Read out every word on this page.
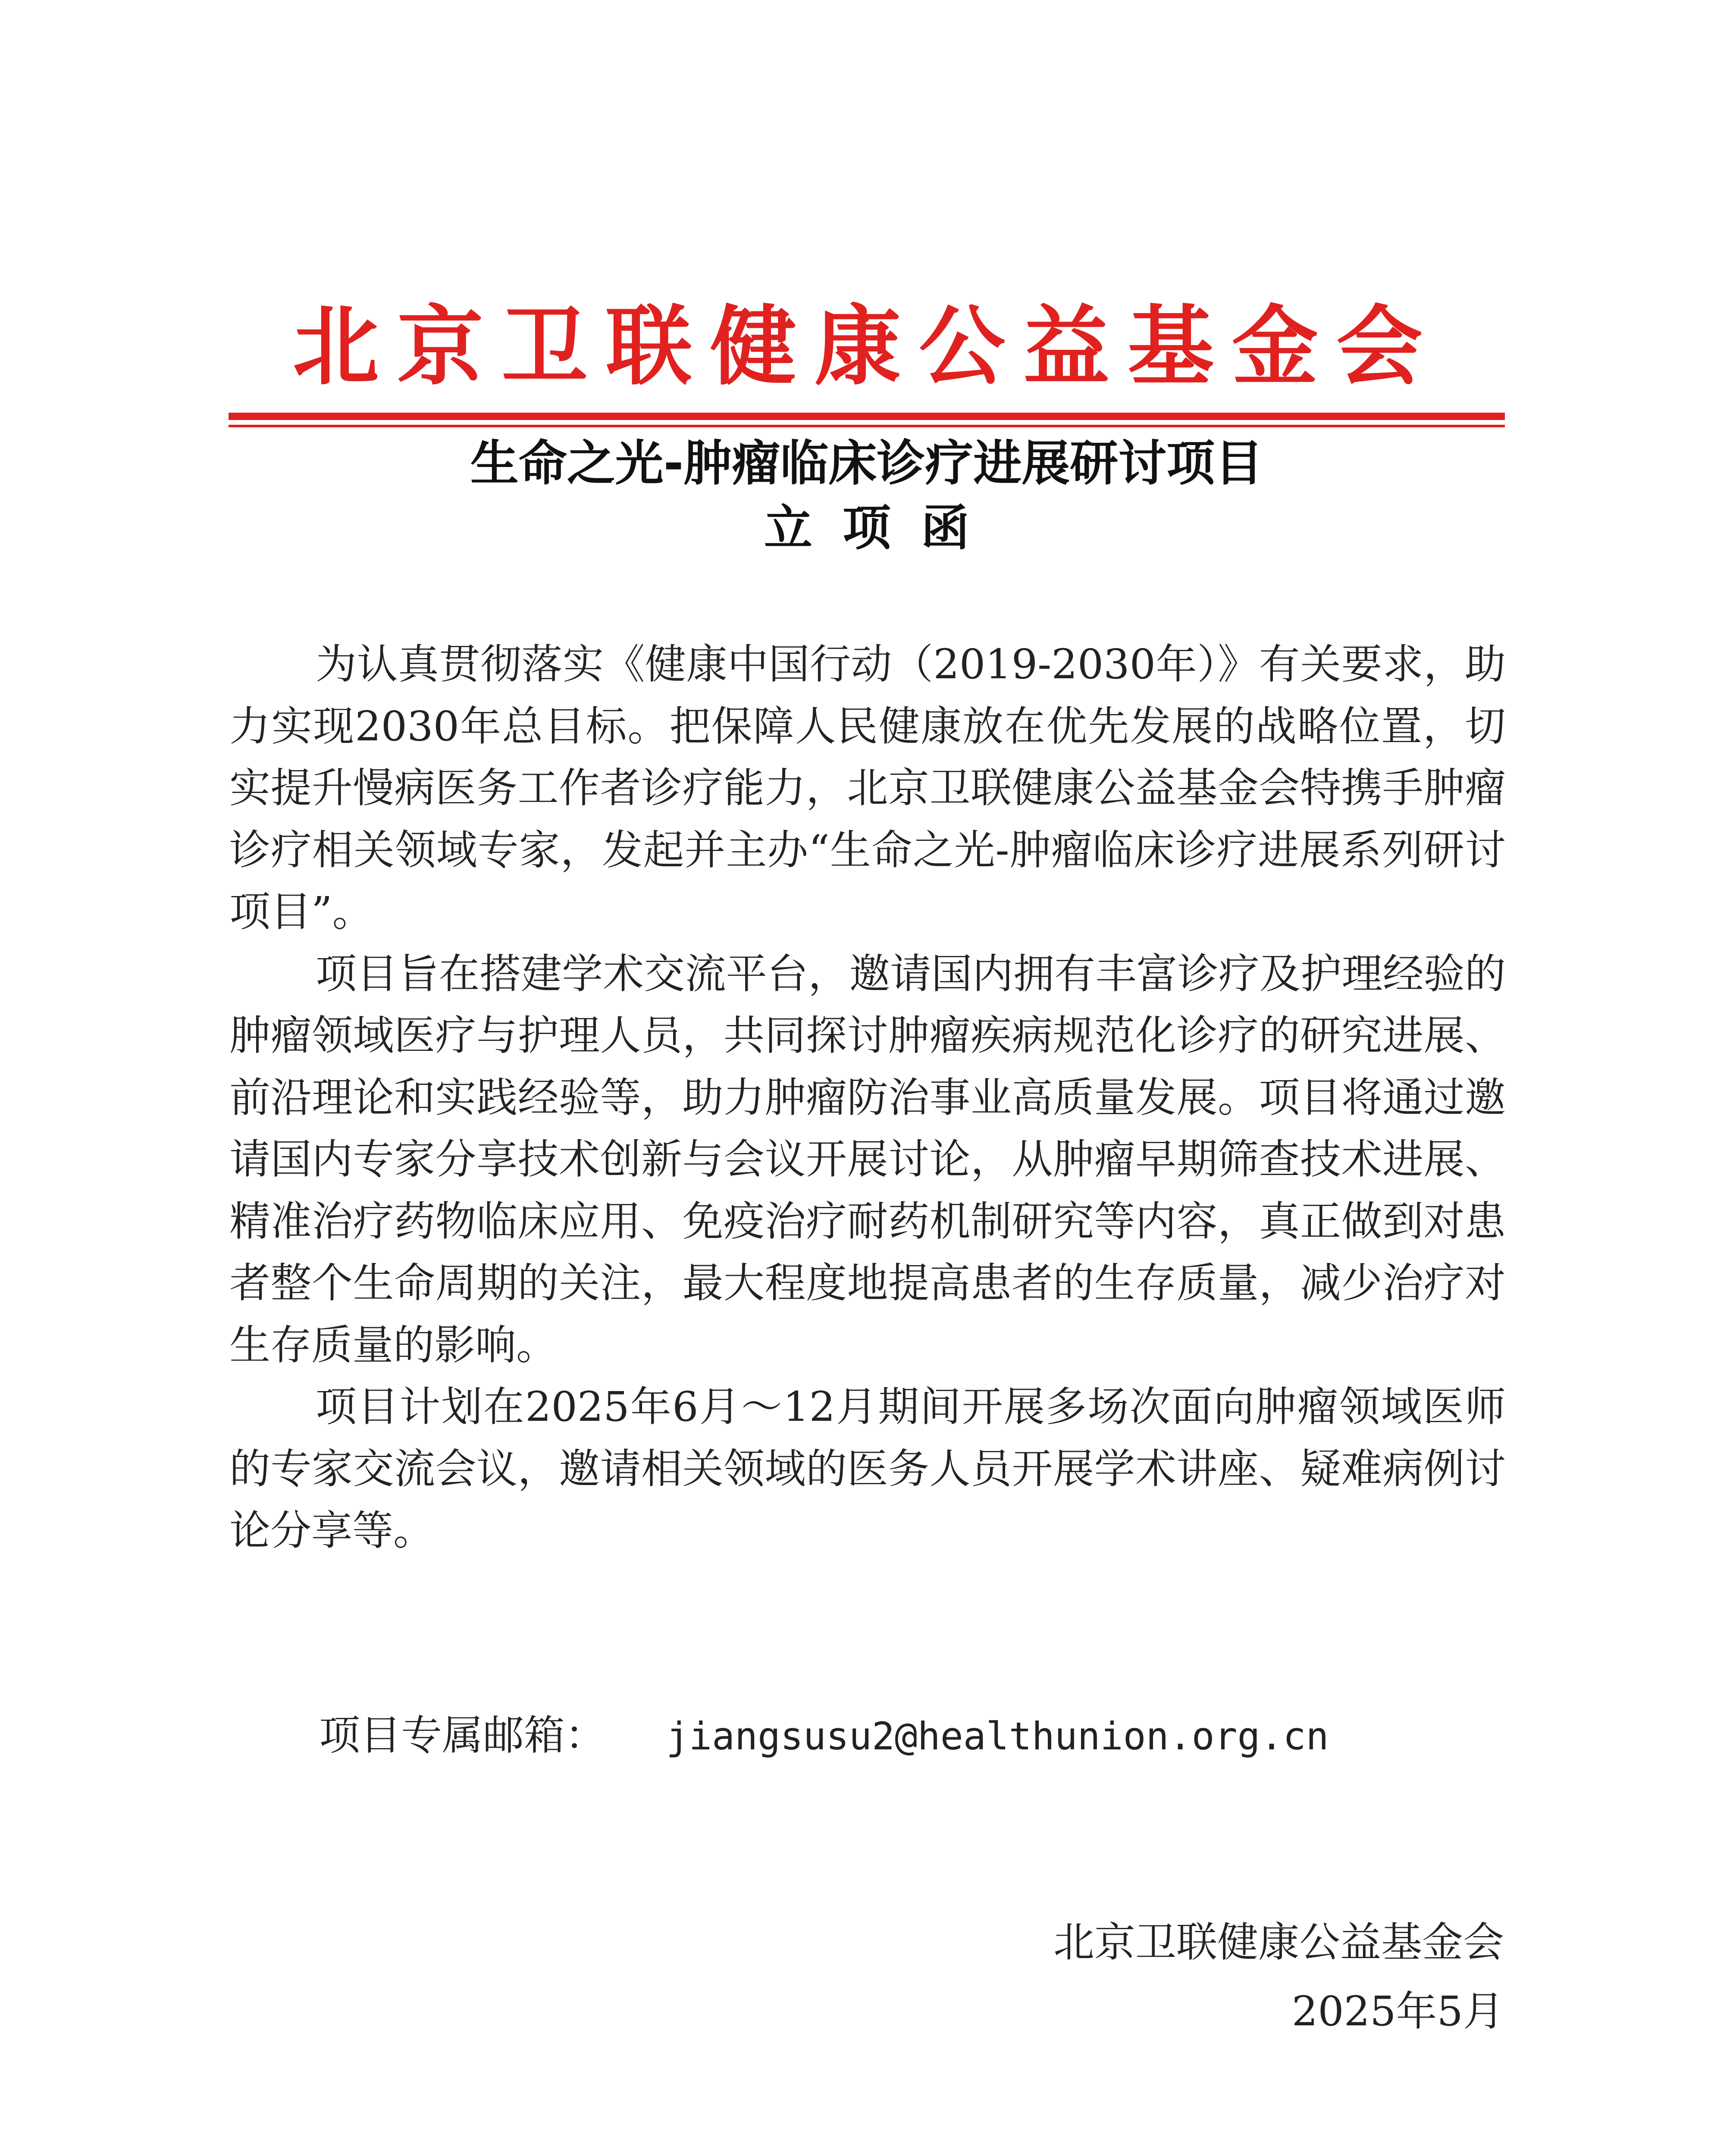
北京卫联健康公益基金会
生命之光-肿瘤临床诊疗进展研讨项目
立项函

为认真贯彻落实《健康中国行动（2019-2030年）》有关要求，助力实现2030年总目标。把保障人民健康放在优先发展的战略位置，切实提升慢病医务工作者诊疗能力，北京卫联健康公益基金会特携手肿瘤诊疗相关领域专家，发起并主办“生命之光-肿瘤临床诊疗进展系列研讨项目”。

项目旨在搭建学术交流平台，邀请国内拥有丰富诊疗及护理经验的肿瘤领域医疗与护理人员，共同探讨肿瘤疾病规范化诊疗的研究进展、前沿理论和实践经验等，助力肿瘤防治事业高质量发展。项目将通过邀请国内专家分享技术创新与会议开展讨论，从肿瘤早期筛查技术进展、精准治疗药物临床应用、免疫治疗耐药机制研究等内容，真正做到对患者整个生命周期的关注，最大程度地提高患者的生存质量，减少治疗对生存质量的影响。

项目计划在2025年6月～12月期间开展多场次面向肿瘤领域医师的专家交流会议，邀请相关领域的医务人员开展学术讲座、疑难病例讨论分享等。

项目专属邮箱： jiangsusu2@healthunion.org.cn
北京卫联健康公益基金会
2025年5月
